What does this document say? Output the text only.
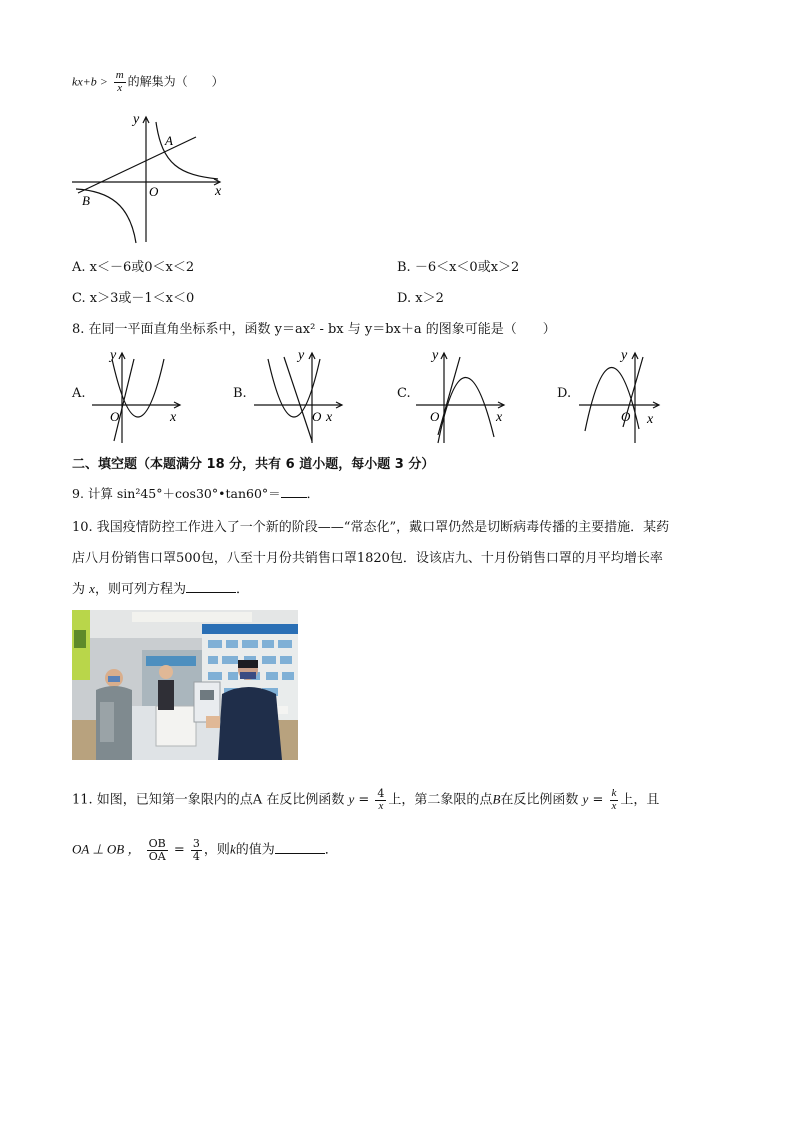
$kx+b > \frac{m}{x}$ 的解集为（　　）
y
x
O
A
B
A. x＜－6或0＜x＜2	B. －6＜x＜0或x＞2
C. x＞3或－1＜x＜0	D. x＞2
8. 在同一平面直角坐标系中，函数 y＝ax² - bx 与 y＝bx＋a 的图象可能是（　　）
A.
y
x
O
B.
y
x
O
C.
y
x
O
D.
y
x
O
二、填空题（本题满分 18 分，共有 6 道小题，每小题 3 分）
9. 计算 sin²45°＋cos30°•tan60°＝ ．
10. 我国疫情防控工作进入了一个新的阶段——“常态化”，戴口罩仍然是切断病毒传播的主要措施．某药
店八月份销售口罩500包，八至十月份共销售口罩1820包．设该店九、十月份销售口罩的月平均增长率
为 x，则可列方程为	．
11. 如图，已知第一象限内的点A 在反比例函数 $y = \frac{4}{x}$ 上，第二象限的点B在反比例函数 $y = \frac{k}{x}$ 上，且
OA ⊥ OB ， $\frac{OB}{OA} = \frac{3}{4}$ ，则k的值为	．
